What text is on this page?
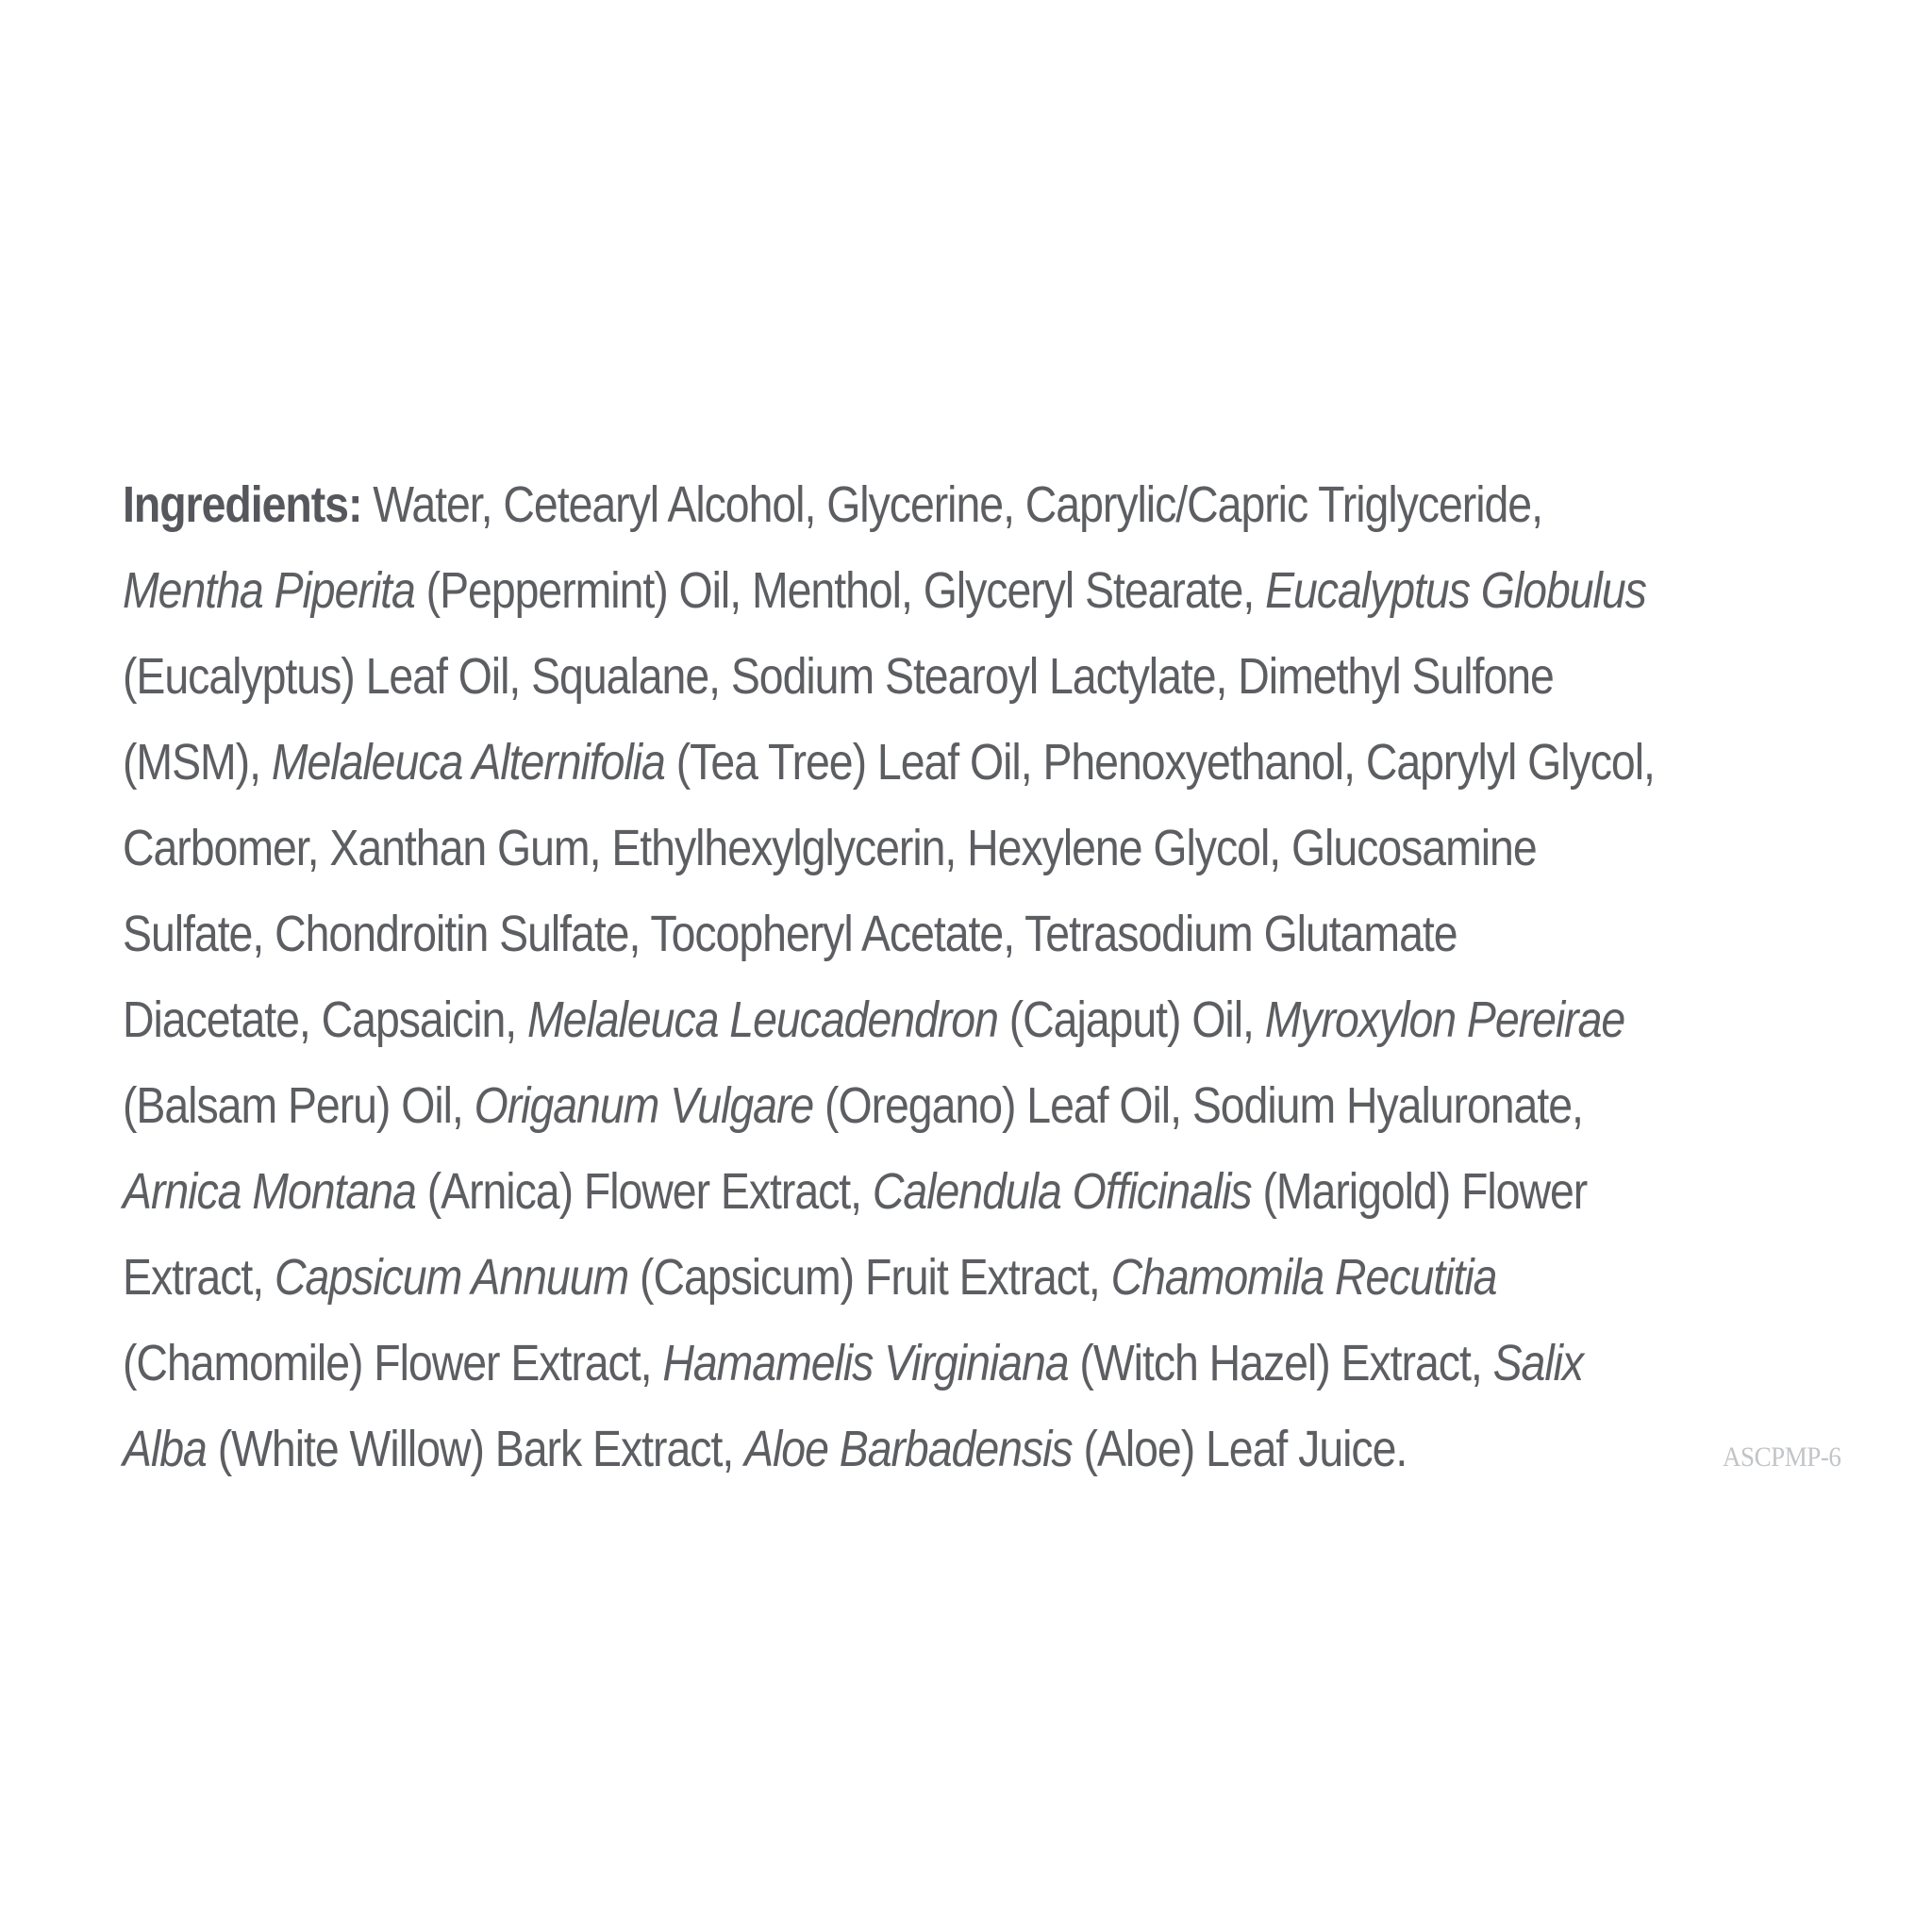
Ingredients: Water, Cetearyl Alcohol, Glycerine, Caprylic/Capric Triglyceride,
Mentha Piperita (Peppermint) Oil, Menthol, Glyceryl Stearate, Eucalyptus Globulus
(Eucalyptus) Leaf Oil, Squalane, Sodium Stearoyl Lactylate, Dimethyl Sulfone
(MSM), Melaleuca Alternifolia (Tea Tree) Leaf Oil, Phenoxyethanol, Caprylyl Glycol,
Carbomer, Xanthan Gum, Ethylhexylglycerin, Hexylene Glycol, Glucosamine
Sulfate, Chondroitin Sulfate, Tocopheryl Acetate, Tetrasodium Glutamate
Diacetate, Capsaicin, Melaleuca Leucadendron (Cajaput) Oil, Myroxylon Pereirae
(Balsam Peru) Oil, Origanum Vulgare (Oregano) Leaf Oil, Sodium Hyaluronate,
Arnica Montana (Arnica) Flower Extract, Calendula Officinalis (Marigold) Flower
Extract, Capsicum Annuum (Capsicum) Fruit Extract, Chamomila Recutitia
(Chamomile) Flower Extract, Hamamelis Virginiana (Witch Hazel) Extract, Salix
Alba (White Willow) Bark Extract, Aloe Barbadensis (Aloe) Leaf Juice.	ASCPMP-6
